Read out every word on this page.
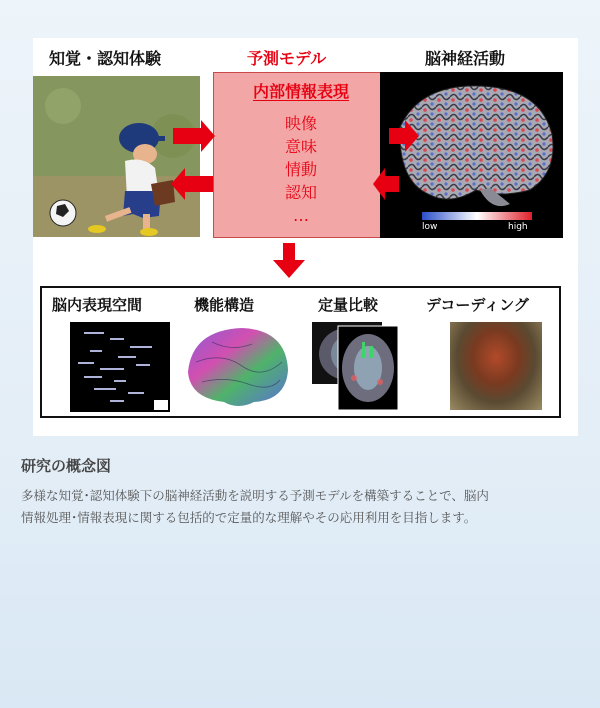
知覚・認知体験	予測モデル	脳神経活動
内部情報表現
映像
意味
情動
認知
…
low	high
脳内表現空間	機能構造	定量比較	デコーディング
研究の概念図
多様な知覚･認知体験下の脳神経活動を説明する予測モデルを構築することで、脳内
情報処理･情報表現に関する包括的で定量的な理解やその応用利用を目指します。
